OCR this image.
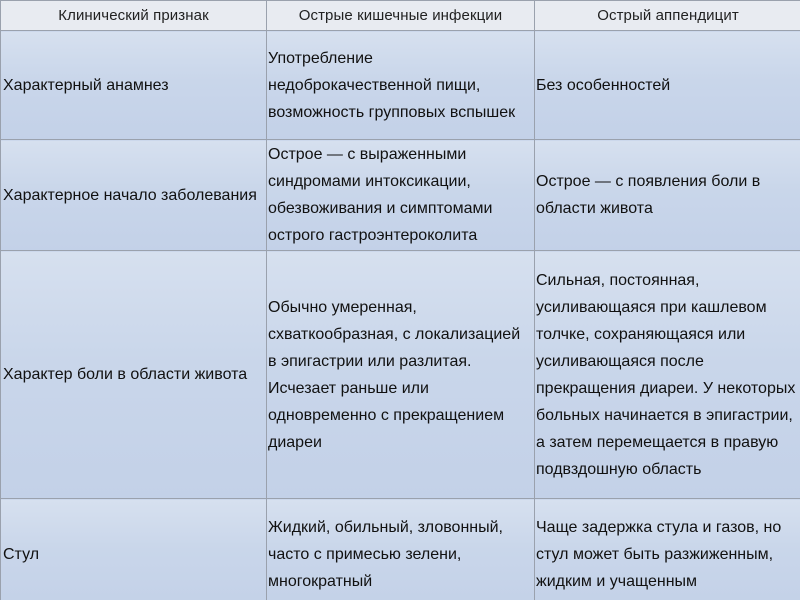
Клинический признак	Острые кишечные инфекции	Острый аппендицит

Характерный анамнез	Употребление недоброкачественной пищи, возможность групповых вспышек	Без особенностей

Характерное начало заболевания	Острое — с выраженными синдромами интоксикации, обезвоживания и симптомами острого гастроэнтероколита	Острое — с появления боли в области живота

Характер боли в области живота	Обычно умеренная, схваткообразная, с локализацией в эпигастрии или разлитая. Исчезает раньше или одновременно с прекращением диареи	Сильная, постоянная, усиливающаяся при кашлевом толчке, сохраняющаяся или усиливающаяся после прекращения диареи. У некоторых больных начинается в эпигастрии, а затем перемещается в правую подвздошную область

Стул	Жидкий, обильный, зловонный, часто с примесью зелени, многократный	Чаще задержка стула и газов, но стул может быть разжиженным, жидким и учащенным
